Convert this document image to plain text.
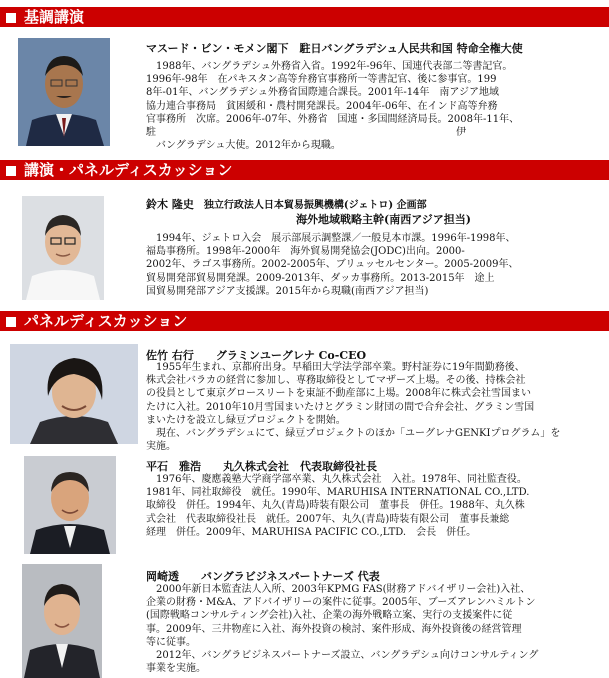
基調講演
講演・パネルディスカッション
パネルディスカッション
マスード・ビン・モメン閣下　駐日バングラデシュ人民共和国 特命全権大使

　1988年、バングラデシュ外務省入省。1992年-96年、国連代表部二等書記官。

1996年-98年　在パキスタン高等弁務官事務所一等書記官、後に参事官。199

8年-01年、バングラデシュ外務省国際連合課長。2001年-14年　南アジア地域

協力連合事務局　貧困緩和・農村開発課長。2004年-06年、在インド高等弁務

官事務所　次席。2006年-07年、外務省　国連・多国間経済局長。2008年-11年、

駐　　　　　　　　　　　　　　　　　　　　　　　　　　　　　　伊

　バングラデシュ大使。2012年から現職。

鈴木 隆史 独立行政法人日本貿易振興機構(ジェトロ) 企画部
海外地域戦略主幹(南西アジア担当)

　1994年、ジェトロ入会　展示部展示調整課／一般見本市課。1996年-1998年、

福島事務所。1998年-2000年　海外貿易開発協会(JODC)出向。2000-

2002年、ラゴス事務所。2002-2005年、ブリュッセルセンター。2005-2009年、

貿易開発部貿易開発課。2009-2013年、ダッカ事務所。2013-2015年　途上

国貿易開発部アジア支援課。2015年から現職(南西アジア担当)

佐竹 右行　　グラミンユーグレナ Co-CEO

　1955年生まれ、京都府出身。早稲田大学法学部卒業。野村証券に19年間勤務後、

株式会社バラカの経営に参加し、専務取締役としてマザーズ上場。その後、持株会社

の役員として東京グロースリートを東証不動産部に上場。2008年に株式会社雪国まい

たけに入社。2010年10月雪国まいたけとグラミン財団の間で合弁会社、グラミン雪国

まいたけを設立し緑豆プロジェクトを開始。

　現在、バングラデシュにて、緑豆プロジェクトのほか「ユーグレナGENKIプログラム」を

実施。

平石　雅浩　　丸久株式会社　代表取締役社長

　1976年、慶應義塾大学商学部卒業、丸久株式会社　入社。1978年、同社監査役。

1981年、同社取締役　就任。1990年、MARUHISA INTERNATIONAL CO.,LTD.

取締役　併任。1994年、丸久(青島)時装有限公司　董事長　併任。1988年、丸久株

式会社　代表取締役社長　就任。2007年、丸久(青島)時装有限公司　董事長兼総

経理　併任。2009年、MARUHISA PACIFIC CO.,LTD.　会長　併任。

岡崎透　　バングラビジネスパートナーズ 代表

　2000年新日本監査法人入所、2003年KPMG FAS(財務アドバイザリー会社)入社、

企業の財務・M&A、アドバイザリーの案件に従事。2005年、ブーズアレンハミルトン

(国際戦略コンサルティング会社)入社、企業の海外戦略立案、実行の支援案件に従

事。2009年、三井物産に入社、海外投資の検討、案件形成、海外投資後の経営管理

等に従事。

　2012年、バングラビジネスパートナーズ設立、バングラデシュ向けコンサルティング

事業を実施。
